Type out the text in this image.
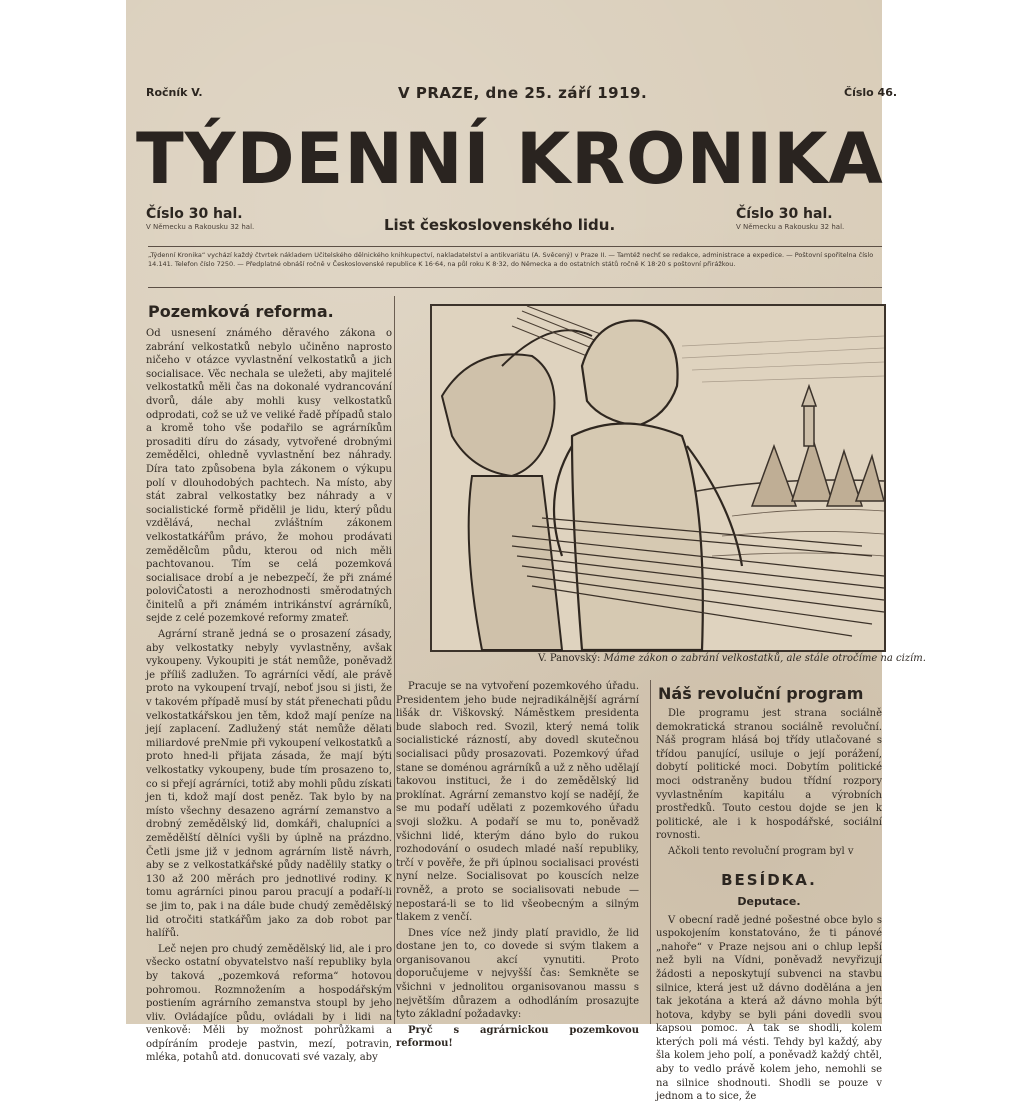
Ročník V.	V PRAZE, dne 25. září 1919.	Číslo 46.
TÝDENNÍ KRONIKA
Číslo 30 hal.
V Německu a Rakousku 32 hal.	List československého lidu.
Číslo 30 hal.
V Německu a Rakousku 32 hal.
„Týdenní Kronika“ vychází každý čtvrtek nákladem Učitelského dělnického knihkupectví, nakladatelství a antikvariátu (A. Svěcený) v Praze II. — Tamtéž nechť se redakce, administrace a expedice. — Poštovní spořitelna číslo 14.141. Telefon číslo 7250. — Předplatné obnáší ročně v Československé republice K 16·64, na půl roku K 8·32, do Německa a do ostatních států ročně K 18·20 s poštovní přirážkou.
Pozemková reforma.

Od usnesení známého děravého zákona o zabrání velkostatků nebylo učiněno naprosto ničeho v otázce vyvlastnění velkostatků a jich socialisace. Věc nechala se uležeti, aby majitelé velkostatků měli čas na dokonalé vydrancování dvorů, dále aby mohli kusy velkostatků odprodati, což se už ve veliké řadě případů stalo a kromě toho vše podařilo se agrárníkům prosaditi díru do zásady, vytvořené drobnými zemědělci, ohledně vyvlastnění bez náhrady. Díra tato způsobena byla zákonem o výkupu polí v dlouhodobých pachtech. Na místo, aby stát zabral velkostatky bez náhrady a v socialistické formě přidělil je lidu, který půdu vzdělává, nechal zvláštním zákonem velkostatkářům právo, že mohou prodávati zemědělcům půdu, kterou od nich měli pachtovanou. Tím se celá pozemková socialisace drobí a je nebezpečí, že při známé poloviČatosti a nerozhodnosti směrodatných činitelů a při známém intrikánství agrárníků, sejde z celé pozemkové reformy zmateř.

Agrární straně jedná se o prosazení zásady, aby velkostatky nebyly vyvlastněny, avšak vykoupeny. Vykoupiti je stát nemůže, poněvadž je příliš zadlužen. To agrárníci vědí, ale právě proto na vykoupení trvají, neboť jsou si jisti, že v takovém případě musí by stát přenechati půdu velkostatkářskou jen těm, kdož mají peníze na její zaplacení. Zadlužený stát nemůže dělati miliardové preNmie při vykoupení velkostatků a proto hned-li přijata zásada, že mají býti velkostatky vykoupeny, bude tím prosazeno to, co si přejí agrárníci, totiž aby mohli půdu získati jen ti, kdož mají dost peněz. Tak bylo by na místo všechny desazeno agrární zemanstvo a drobný zemědělský lid, domkáři, chalupníci a zemědělští dělníci vyšli by úplně na prázdno. Četli jsme již v jednom agrárním listě návrh, aby se z velkostatkářské půdy nadělily statky o 130 až 200 měrách pro jednotlivé rodiny. K tomu agrárníci pinou parou pracují a podaří-li se jim to, pak i na dále bude chudý zemědělský lid otročiti statkářům jako za dob robot par halířů.

Leč nejen pro chudý zemědělský lid, ale i pro všecko ostatní obyvatelstvo naší republiky byla by taková „pozemková reforma“ hotovou pohromou. Rozmnožením a hospodářským postiením agrárního zemanstva stoupl by jeho vliv. Ovládajíce půdu, ovládali by i lidi na venkově: Měli by možnost pohrůžkami a odpíráním prodeje pastvin, mezí, potravin, mléka, potahů atd. donucovati své vazaly, aby

V. Panovský: Máme zákon o zabrání velkostatků, ale stále otročíme na cizím.

Pracuje se na vytvoření pozemkového úřadu. Presidentem jeho bude nejradikálnější agrární lišák dr. Viškovský. Náměstkem presidenta bude slaboch red. Svozil, který nemá tolik socialistické rázností, aby dovedl skutečnou socialisaci půdy prosazovati. Pozemkový úřad stane se doménou agrárníků a už z něho udělají takovou instituci, že i do zemědělský lid proklínat. Agrární zemanstvo kojí se nadějí, že se mu podaří udělati z pozemkového úřadu svoji složku. A podaří se mu to, poněvadž všichni lidé, kterým dáno bylo do rukou rozhodování o osudech mladé naší republiky, trčí v pověře, že při úplnou socialisaci provésti nyní nelze. Socialisovat po kouscích nelze rovněž, a proto se socialisovati nebude — nepostará-li se to lid všeobecným a silným tlakem z venčí.

Dnes více než jindy platí pravidlo, že lid dostane jen to, co dovede si svým tlakem a organisovanou akcí vynutiti. Proto doporučujeme v nejvyšší čas: Semkněte se všichni v jednolitou organisovanou massu s největším důrazem a odhodláním prosazujte tyto základní požadavky:

Pryč s agrárnickou pozemkovou reformou!

Náš revoluční program

Dle programu jest strana sociálně demokratická stranou sociálně revoluční. Náš program hlásá boj třídy utlačované s třídou panující, usiluje o její porážení, dobytí politické moci. Dobytím politické moci odstraněny budou třídní rozpory vyvlastněním kapitálu a výrobních prostředků. Touto cestou dojde se jen k politické, ale i k hospodářské, sociální rovnosti.

Ačkoli tento revoluční program byl v

BESÍDKA.
Deputace.

V obecní radě jedné pošestné obce bylo s uspokojením konstatováno, že ti pánové „nahoře“ v Praze nejsou ani o chlup lepší než byli na Vídni, poněvadž nevyřizují žádosti a neposkytují subvenci na stavbu silnice, která jest už dávno dodělána a jen tak jekotána a která až dávno mohla být hotova, kdyby se byli páni dovedli svou kapsou pomoc. A tak se shodli, kolem kterých poli má vésti. Tehdy byl každý, aby šla kolem jeho polí, a poněvadž každý chtěl, aby to vedlo právě kolem jeho, nemohli se na silnice shodnouti. Shodli se pouze v jednom a to sice, že
